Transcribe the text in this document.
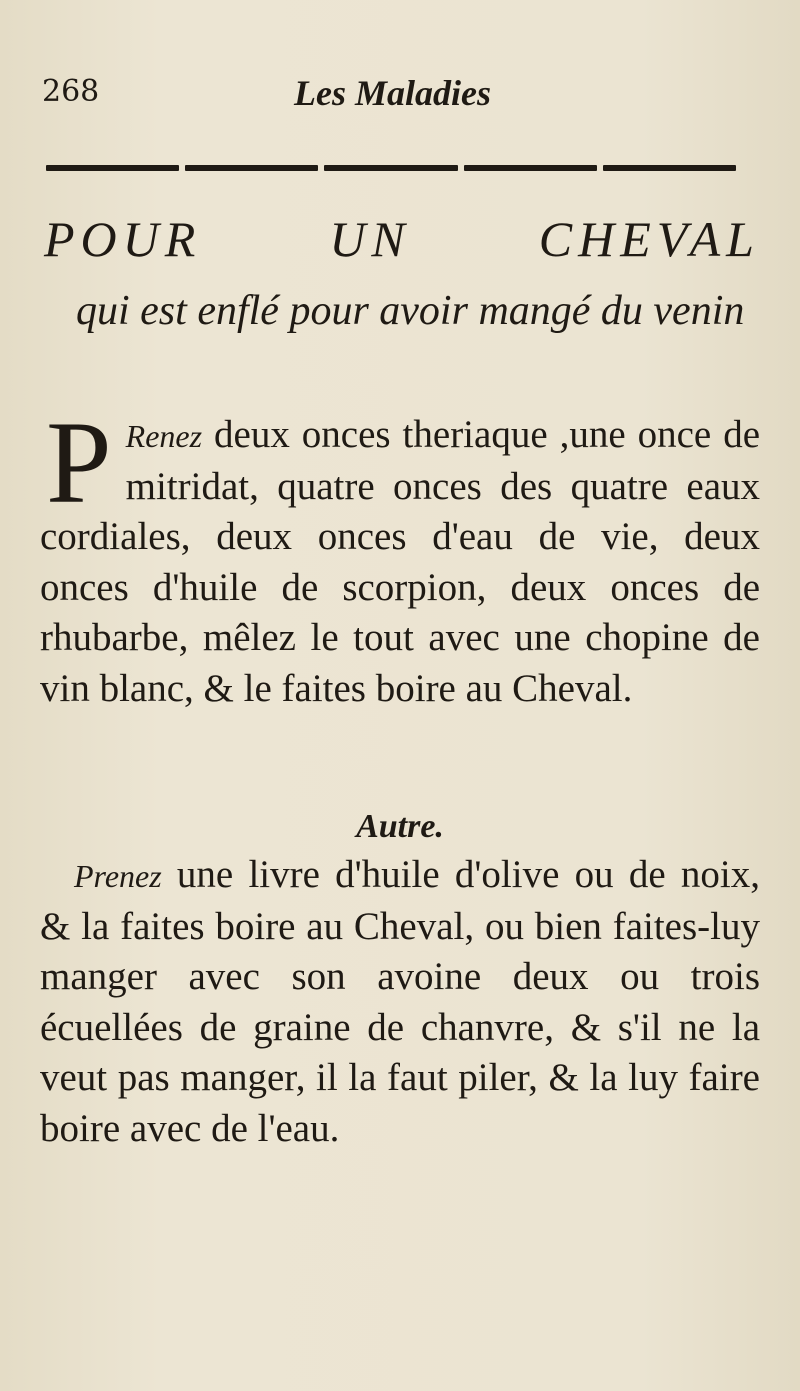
268	Les Maladies
POUR UN CHEVAL
qui est enflé pour avoir mangé du venin
P Renez deux onces theriaque ,une once de mitridat, quatre onces des quatre eaux cordiales, deux onces d'eau de vie, deux onces d'huile de scorpion, deux onces de rhubarbe, mêlez le tout avec une chopine de vin blanc, & le faites boire au Cheval.
Autre.
Prenez une livre d'huile d'olive ou de noix, & la faites boire au Cheval, ou bien faites-luy manger avec son avoine deux ou trois écuellées de graine de chanvre, & s'il ne la veut pas manger, il la faut piler, & la luy faire boire avec de l'eau.
